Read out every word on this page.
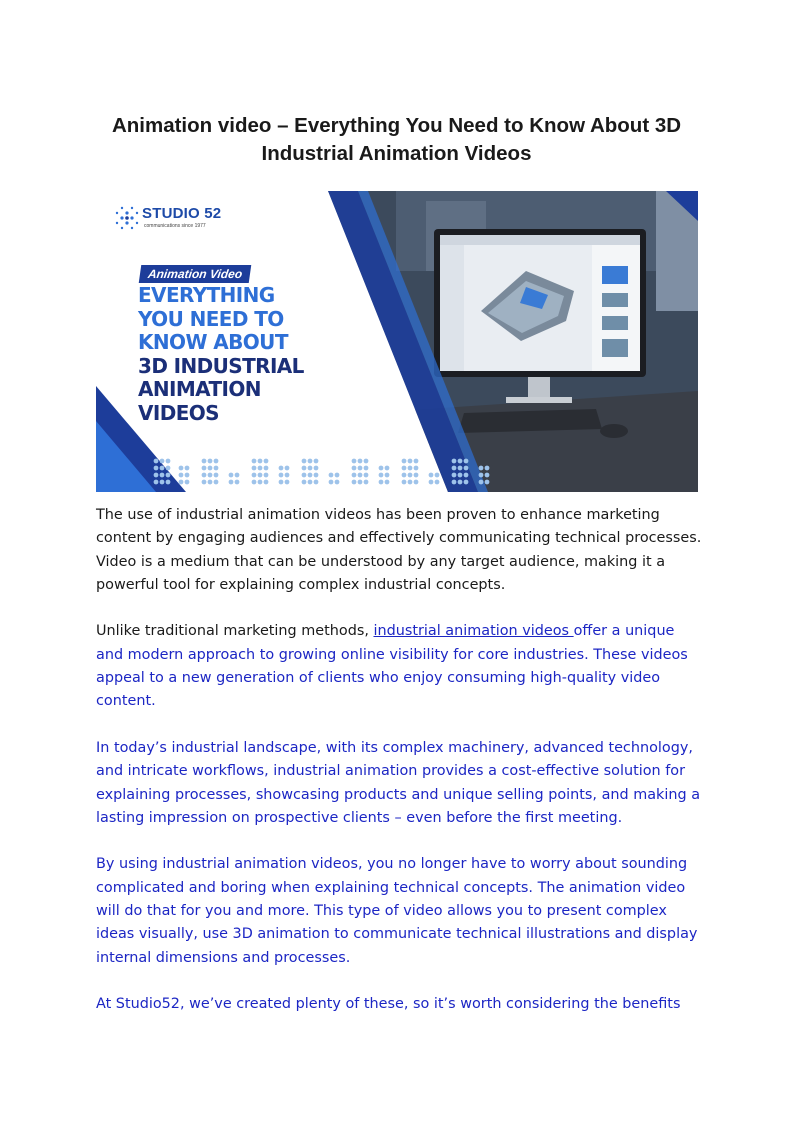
Animation video – Everything You Need to Know About 3D
Industrial Animation Videos
STUDIO 52
communications since 1977
Animation Video
EVERYTHING
YOU NEED TO
KNOW ABOUT
3D INDUSTRIAL
ANIMATION
VIDEOS

The use of industrial animation videos has been proven to enhance marketing content by engaging audiences and effectively communicating technical processes. Video is a medium that can be understood by any target audience, making it a powerful tool for explaining complex industrial concepts.

Unlike traditional marketing methods, industrial animation videos offer a unique and modern approach to growing online visibility for core industries. These videos appeal to a new generation of clients who enjoy consuming high-quality video content.

In today’s industrial landscape, with its complex machinery, advanced technology, and intricate workflows, industrial animation provides a cost-effective solution for explaining processes, showcasing products and unique selling points, and making a lasting impression on prospective clients – even before the first meeting.

By using industrial animation videos, you no longer have to worry about sounding complicated and boring when explaining technical concepts. The animation video will do that for you and more. This type of video allows you to present complex ideas visually, use 3D animation to communicate technical illustrations and display internal dimensions and processes.

At Studio52, we’ve created plenty of these, so it’s worth considering the benefits
